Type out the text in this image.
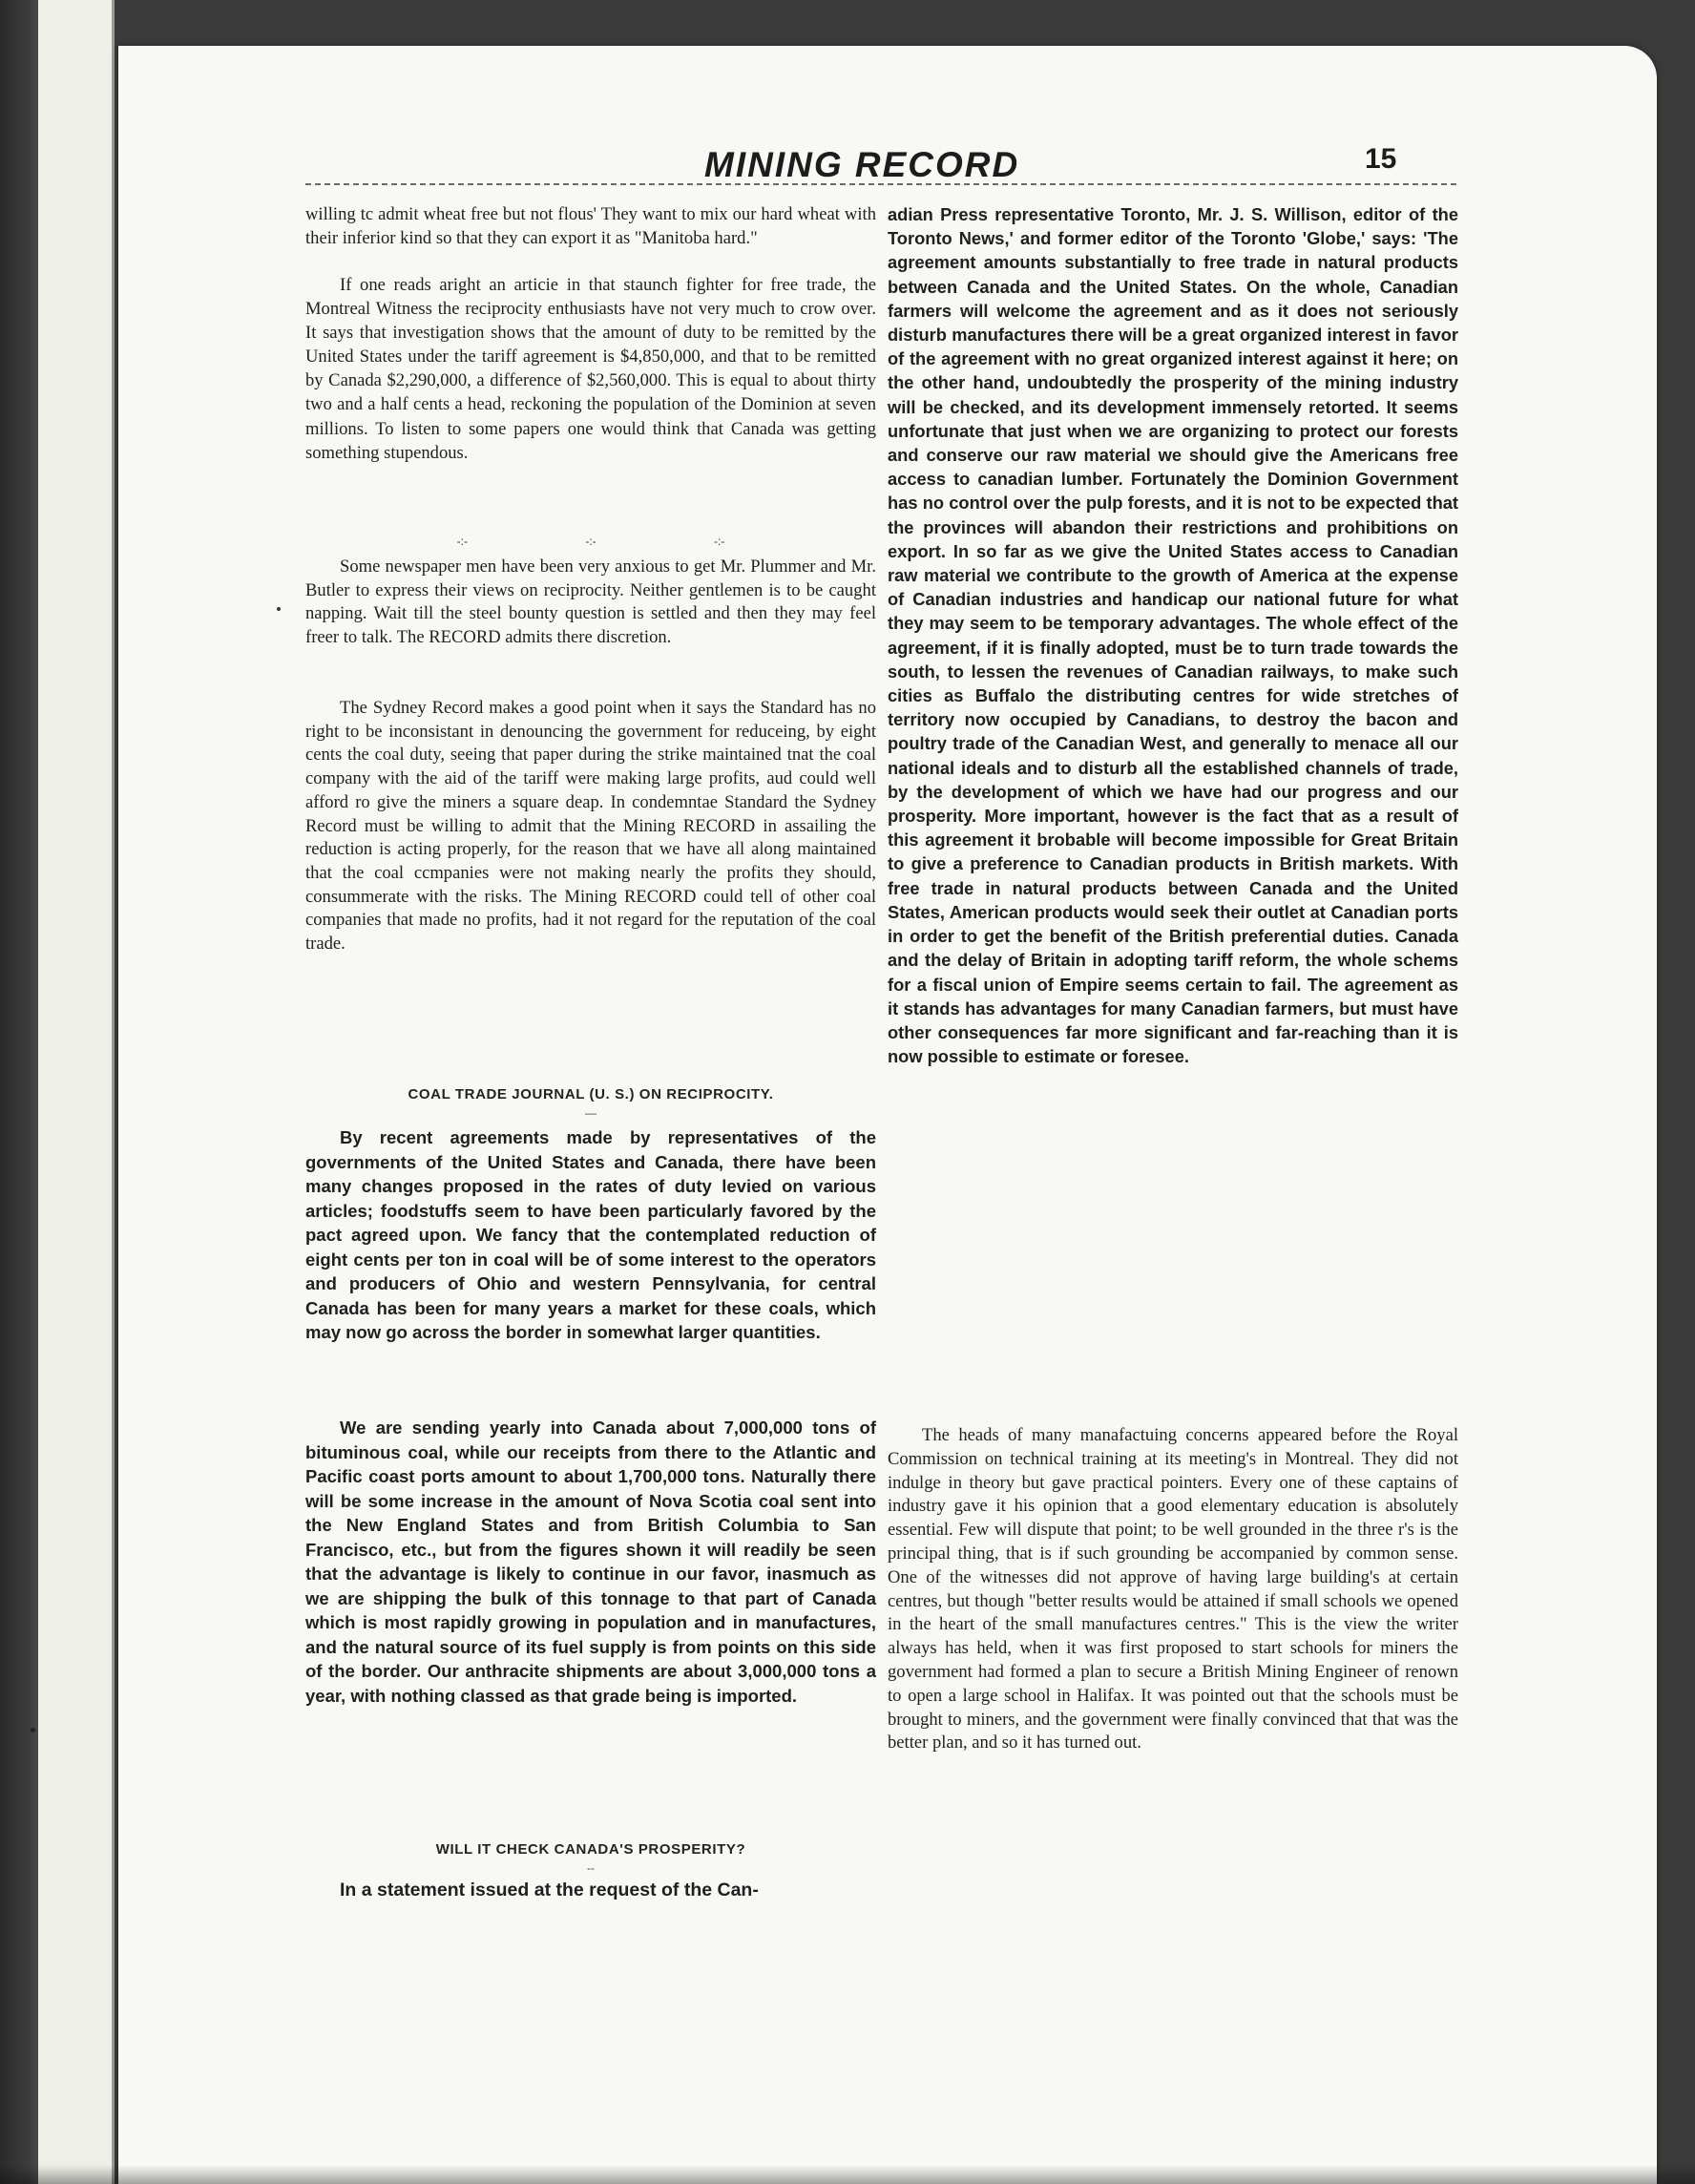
MINING RECORD	15

willing tc admit wheat free but not flous' They want to mix our hard wheat with their inferior kind so that they can export it as "Manitoba hard."

If one reads aright an articie in that staunch fighter for free trade, the Montreal Witness the reciprocity enthusiasts have not very much to crow over. It says that investigation shows that the amount of duty to be remitted by the United States under the tariff agreement is $4,850,000, and that to be remitted by Canada $2,290,000, a difference of $2,560,000. This is equal to about thirty two and a half cents a head, reckoning the population of the Dominion at seven millions. To listen to some papers one would think that Canada was getting something stupendous.

-:- -:- -:-

Some newspaper men have been very anxious to get Mr. Plummer and Mr. Butler to express their views on reciprocity. Neither gentlemen is to be caught napping. Wait till the steel bounty question is settled and then they may feel freer to talk. The RECORD admits there discretion.

The Sydney Record makes a good point when it says the Standard has no right to be inconsistant in denouncing the government for reduceing, by eight cents the coal duty, seeing that paper during the strike maintained tnat the coal company with the aid of the tariff were making large profits, aud could well afford ro give the miners a square deap. In condemntae Standard the Sydney Record must be willing to admit that the Mining RECORD in assailing the reduction is acting properly, for the reason that we have all along maintained that the coal ccmpanies were not making nearly the profits they should, consummerate with the risks. The Mining RECORD could tell of other coal companies that made no profits, had it not regard for the reputation of the coal trade.

COAL TRADE JOURNAL (U. S.) ON RECIPROCITY.
—

By recent agreements made by representatives of the governments of the United States and Canada, there have been many changes proposed in the rates of duty levied on various articles; foodstuffs seem to have been particularly favored by the pact agreed upon. We fancy that the contemplated reduction of eight cents per ton in coal will be of some interest to the operators and producers of Ohio and western Pennsylvania, for central Canada has been for many years a market for these coals, which may now go across the border in somewhat larger quantities.

We are sending yearly into Canada about 7,000,000 tons of bituminous coal, while our receipts from there to the Atlantic and Pacific coast ports amount to about 1,700,000 tons. Naturally there will be some increase in the amount of Nova Scotia coal sent into the New England States and from British Columbia to San Francisco, etc., but from the figures shown it will readily be seen that the advantage is likely to continue in our favor, inasmuch as we are shipping the bulk of this tonnage to that part of Canada which is most rapidly growing in population and in manufactures, and the natural source of its fuel supply is from points on this side of the border. Our anthracite shipments are about 3,000,000 tons a year, with nothing classed as that grade being is imported.

WILL IT CHECK CANADA'S PROSPERITY?
--

In a statement issued at the request of the Can-

adian Press representative Toronto, Mr. J. S. Willison, editor of the Toronto News,' and former editor of the Toronto 'Globe,' says: 'The agreement amounts substantially to free trade in natural products between Canada and the United States. On the whole, Canadian farmers will welcome the agreement and as it does not seriously disturb manufactures there will be a great organized interest in favor of the agreement with no great organized interest against it here; on the other hand, undoubtedly the prosperity of the mining industry will be checked, and its development immensely retorted. It seems unfortunate that just when we are organizing to protect our forests and conserve our raw material we should give the Americans free access to canadian lumber. Fortunately the Dominion Government has no control over the pulp forests, and it is not to be expected that the provinces will abandon their restrictions and prohibitions on export. In so far as we give the United States access to Canadian raw material we contribute to the growth of America at the expense of Canadian industries and handicap our national future for what they may seem to be temporary advantages. The whole effect of the agreement, if it is finally adopted, must be to turn trade towards the south, to lessen the revenues of Canadian railways, to make such cities as Buffalo the distributing centres for wide stretches of territory now occupied by Canadians, to destroy the bacon and poultry trade of the Canadian West, and generally to menace all our national ideals and to disturb all the established channels of trade, by the development of which we have had our progress and our prosperity. More important, however is the fact that as a result of this agreement it brobable will become impossible for Great Britain to give a preference to Canadian products in British markets. With free trade in natural products between Canada and the United States, American products would seek their outlet at Canadian ports in order to get the benefit of the British preferential duties. Canada and the delay of Britain in adopting tariff reform, the whole schems for a fiscal union of Empire seems certain to fail. The agreement as it stands has advantages for many Canadian farmers, but must have other consequences far more significant and far-reaching than it is now possible to estimate or foresee.

The heads of many manafactuing concerns appeared before the Royal Commission on technical training at its meeting's in Montreal. They did not indulge in theory but gave practical pointers. Every one of these captains of industry gave it his opinion that a good elementary education is absolutely essential. Few will dispute that point; to be well grounded in the three r's is the principal thing, that is if such grounding be accompanied by common sense. One of the witnesses did not approve of having large building's at certain centres, but though "better results would be attained if small schools we opened in the heart of the small manufactures centres." This is the view the writer always has held, when it was first proposed to start schools for miners the government had formed a plan to secure a British Mining Engineer of renown to open a large school in Halifax. It was pointed out that the schools must be brought to miners, and the government were finally convinced that that was the better plan, and so it has turned out.
